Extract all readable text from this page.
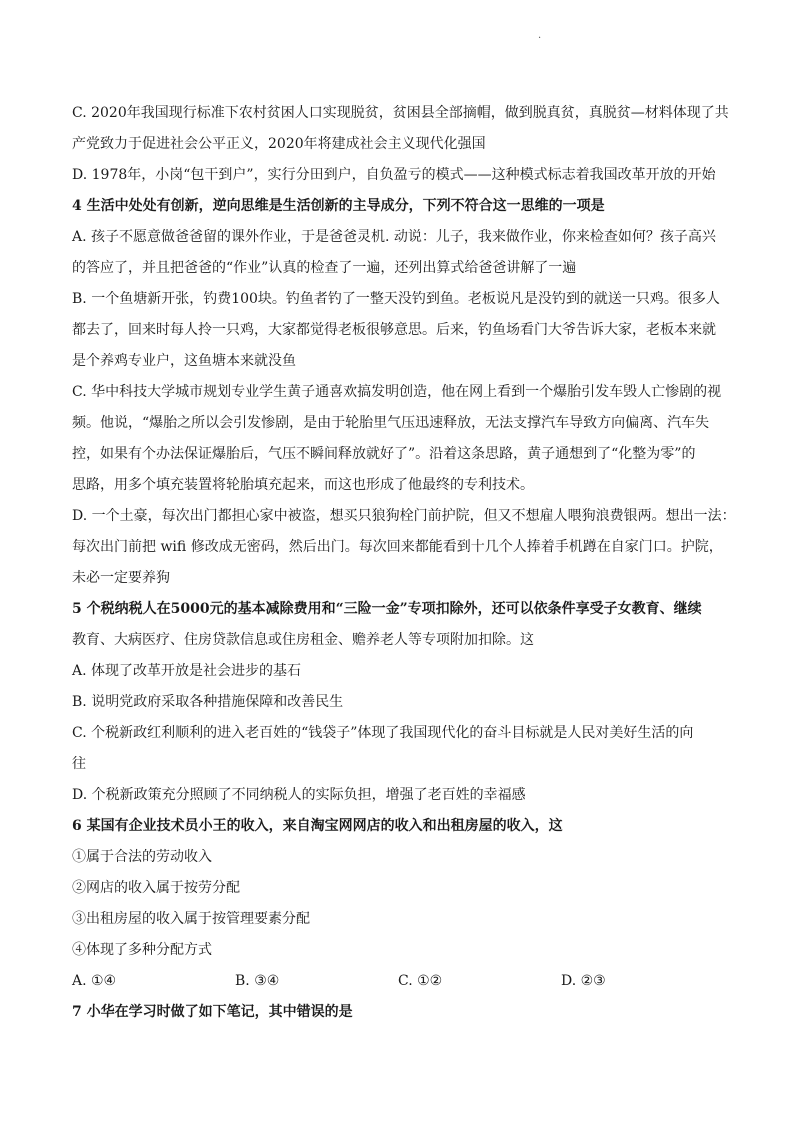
.
C. 2020年我国现行标准下农村贫困人口实现脱贫，贫困县全部摘帽，做到脱真贫，真脱贫—材料体现了共
产党致力于促进社会公平正义，2020年将建成社会主义现代化强国
D. 1978年，小岗“包干到户”，实行分田到户，自负盈亏的模式——这种模式标志着我国改革开放的开始
4 生活中处处有创新，逆向思维是生活创新的主导成分，下列不符合这一思维的一项是
A. 孩子不愿意做爸爸留的课外作业，于是爸爸灵机. 动说：儿子，我来做作业，你来检查如何？孩子高兴
的答应了，并且把爸爸的“作业”认真的检查了一遍，还列出算式给爸爸讲解了一遍
B. 一个鱼塘新开张，钓费100块。钓鱼者钓了一整天没钓到鱼。老板说凡是没钓到的就送一只鸡。很多人
都去了，回来时每人拎一只鸡，大家都觉得老板很够意思。后来，钓鱼场看门大爷告诉大家，老板本来就
是个养鸡专业户，这鱼塘本来就没鱼
C. 华中科技大学城市规划专业学生黄子通喜欢搞发明创造，他在网上看到一个爆胎引发车毁人亡惨剧的视
频。他说，“爆胎之所以会引发惨剧，是由于轮胎里气压迅速释放，无法支撑汽车导致方向偏离、汽车失
控，如果有个办法保证爆胎后，气压不瞬间释放就好了”。沿着这条思路，黄子通想到了“化整为零”的
思路，用多个填充装置将轮胎填充起来，而这也形成了他最终的专利技术。
D. 一个土豪，每次出门都担心家中被盗，想买只狼狗栓门前护院，但又不想雇人喂狗浪费银两。想出一法：
每次出门前把 wifi 修改成无密码，然后出门。每次回来都能看到十几个人捧着手机蹲在自家门口。护院，
未必一定要养狗
5 个税纳税人在5000元的基本减除费用和“三险一金”专项扣除外，还可以依条件享受子女教育、继续
教育、大病医疗、住房贷款信息或住房租金、赡养老人等专项附加扣除。这
A. 体现了改革开放是社会进步的基石
B. 说明党政府采取各种措施保障和改善民生
C. 个税新政红利顺利的进入老百姓的“钱袋子”体现了我国现代化的奋斗目标就是人民对美好生活的向
往
D. 个税新政策充分照顾了不同纳税人的实际负担，增强了老百姓的幸福感
6 某国有企业技术员小王的收入，来自淘宝网网店的收入和出租房屋的收入，这
①属于合法的劳动收入
②网店的收入属于按劳分配
③出租房屋的收入属于按管理要素分配
④体现了多种分配方式
A. ①④	B. ③④	C. ①②	D. ②③
7 小华在学习时做了如下笔记，其中错误的是
